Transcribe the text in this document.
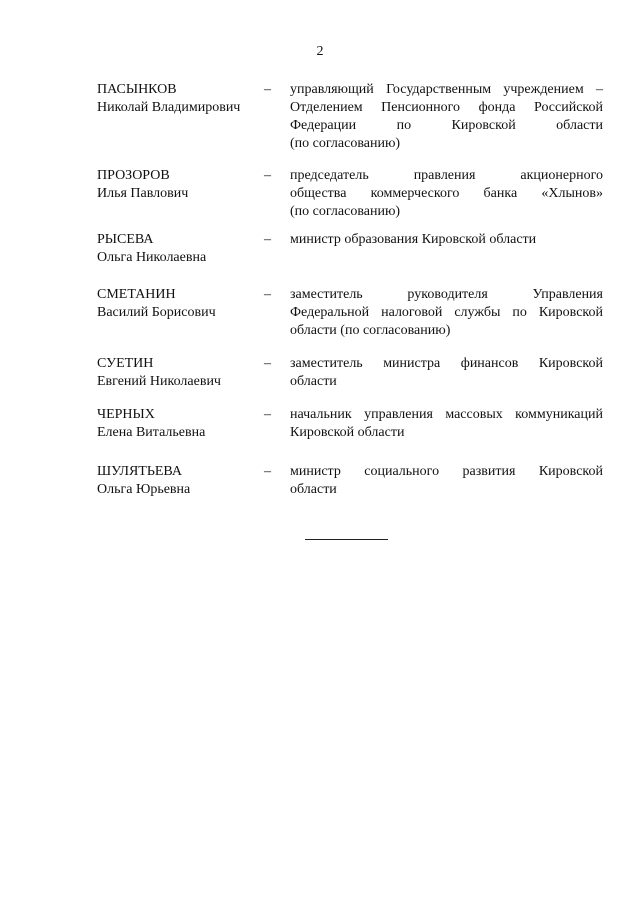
2
ПАСЫНКОВ
Николай Владимирович
–	управляющий Государственным учреждением –
Отделением Пенсионного фонда Российской
Федерации по Кировской области
(по согласованию)
ПРОЗОРОВ
Илья Павлович
–	председатель правления акционерного
общества коммерческого банка «Хлынов»
(по согласованию)
РЫСЕВА
Ольга Николаевна
–	министр образования Кировской области
СМЕТАНИН
Василий Борисович
–	заместитель руководителя Управления
Федеральной налоговой службы по Кировской
области (по согласованию)
СУЕТИН
Евгений Николаевич
–	заместитель министра финансов Кировской
области
ЧЕРНЫХ
Елена Витальевна
–	начальник управления массовых коммуникаций
Кировской области
ШУЛЯТЬЕВА
Ольга Юрьевна
–	министр социального развития Кировской
области
